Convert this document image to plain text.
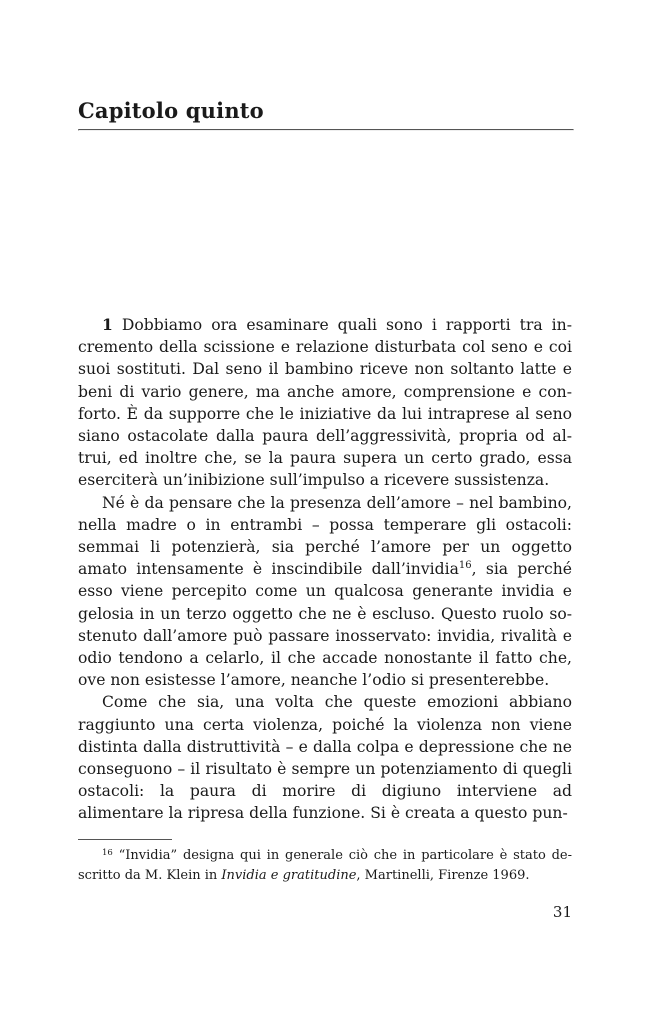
Capitolo quinto

1 Dobbiamo ora esaminare quali sono i rapporti tra incremento della scissione e relazione disturbata col seno e coi suoi sostituti. Dal seno il bambino riceve non soltanto latte e beni di vario genere, ma anche amore, comprensione e conforto. È da supporre che le iniziative da lui intraprese al seno siano ostacolate dalla paura dell’aggressività, propria od altrui, ed inoltre che, se la paura supera un certo grado, essa eserciterà un’inibizione sull’impulso a ricevere sussistenza.

Né è da pensare che la presenza dell’amore – nel bambino, nella madre o in entrambi – possa temperare gli ostacoli: semmai li potenzierà, sia perché l’amore per un oggetto amato intensamente è inscindibile dall’invidia$^{16}$, sia perché esso viene percepito come un qualcosa generante invidia e gelosia in un terzo oggetto che ne è escluso. Questo ruolo sostenuto dall’amore può passare inosservato: invidia, rivalità e odio tendono a celarlo, il che accade nonostante il fatto che, ove non esistesse l’amore, neanche l’odio si presenterebbe.

Come che sia, una volta che queste emozioni abbiano raggiunto una certa violenza, poiché la violenza non viene distinta dalla distruttività – e dalla colpa e depressione che ne conseguono – il risultato è sempre un potenziamento di quegli ostacoli: la paura di morire di digiuno interviene ad alimentare la ripresa della funzione. Si è creata a questo pun-

$^{16}$ “Invidia” designa qui in generale ciò che in particolare è stato descritto da M. Klein in Invidia e gratitudine, Martinelli, Firenze 1969.

31
